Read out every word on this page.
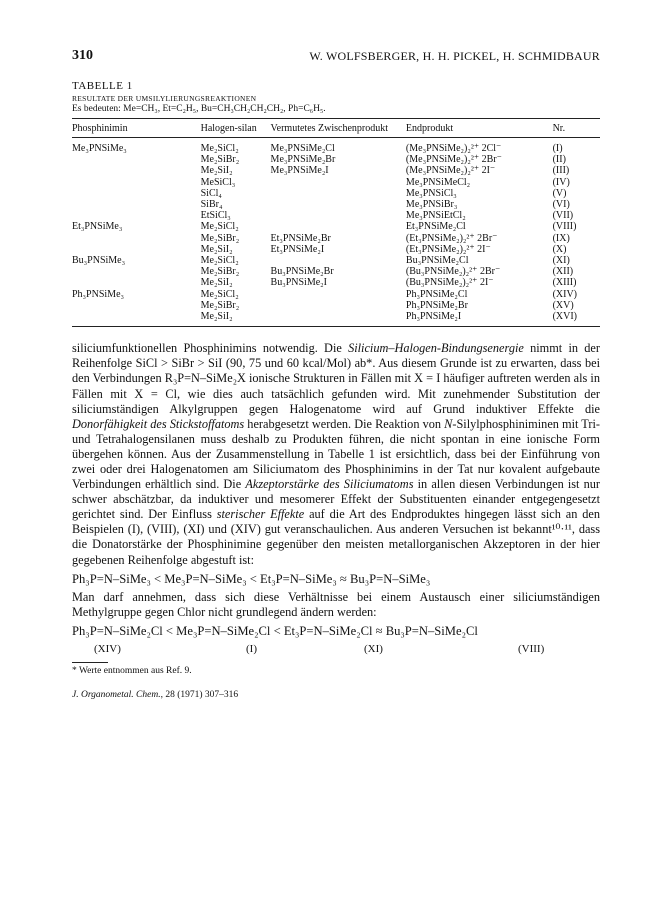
310	W. WOLFSBERGER, H. H. PICKEL, H. SCHMIDBAUR
TABELLE 1
RESULTATE DER UMSILYLIERUNGSREAKTIONEN
Es bedeuten: Me=CH₃, Et=C₂H₅, Bu=CH₃CH₂CH₂CH₂, Ph=C₆H₅.
Phosphinimin	Halogen-silan	Vermutetes Zwischenprodukt	Endprodukt	Nr.
Me₃PNSiMe₃	Me₂SiCl₂	Me₃PNSiMe₂Cl	(Me₃PNSiMe₂)₂²⁺ 2Cl⁻	(I)
	Me₂SiBr₂	Me₃PNSiMe₂Br	(Me₃PNSiMe₂)₂²⁺ 2Br⁻	(II)
	Me₂SiI₂	Me₃PNSiMe₂I	(Me₃PNSiMe₂)₂²⁺ 2I⁻	(III)
	MeSiCl₃		Me₃PNSiMeCl₂	(IV)
	SiCl₄		Me₃PNSiCl₃	(V)
	SiBr₄		Me₃PNSiBr₃	(VI)
	EtSiCl₃		Me₃PNSiEtCl₂	(VII)
Et₃PNSiMe₃	Me₂SiCl₂		Et₃PNSiMe₂Cl	(VIII)
	Me₂SiBr₂	Et₃PNSiMe₂Br	(Et₃PNSiMe₂)₂²⁺ 2Br⁻	(IX)
	Me₂SiI₂	Et₃PNSiMe₂I	(Et₃PNSiMe₂)₂²⁺ 2I⁻	(X)
Bu₃PNSiMe₃	Me₂SiCl₂		Bu₃PNSiMe₂Cl	(XI)
	Me₂SiBr₂	Bu₃PNSiMe₂Br	(Bu₃PNSiMe₂)₂²⁺ 2Br⁻	(XII)
	Me₂SiI₂	Bu₃PNSiMe₂I	(Bu₃PNSiMe₂)₂²⁺ 2I⁻	(XIII)
Ph₃PNSiMe₃	Me₂SiCl₂		Ph₃PNSiMe₂Cl	(XIV)
	Me₂SiBr₂		Ph₃PNSiMe₂Br	(XV)
	Me₂SiI₂		Ph₃PNSiMe₂I	(XVI)

siliciumfunktionellen Phosphinimins notwendig. Die Silicium–Halogen-Bindungsenergie nimmt in der Reihenfolge SiCl > SiBr > SiI (90, 75 und 60 kcal/Mol) ab*. Aus diesem Grunde ist zu erwarten, dass bei den Verbindungen R₃P=N–SiMe₂X ionische Strukturen in Fällen mit X = I häufiger auftreten werden als in Fällen mit X = Cl, wie dies auch tatsächlich gefunden wird. Mit zunehmender Substitution der siliciumständigen Alkylgruppen gegen Halogenatome wird auf Grund induktiver Effekte die Donorfähigkeit des Stickstoffatoms herabgesetzt werden. Die Reaktion von N-Silylphosphiniminen mit Tri- und Tetrahalogensilanen muss deshalb zu Produkten führen, die nicht spontan in eine ionische Form übergehen können. Aus der Zusammenstellung in Tabelle 1 ist ersichtlich, dass bei der Einführung von zwei oder drei Halogenatomen am Siliciumatom des Phosphinimins in der Tat nur kovalent aufgebaute Verbindungen erhältlich sind. Die Akzeptorstärke des Siliciumatoms in allen diesen Verbindungen ist nur schwer abschätzbar, da induktiver und mesomerer Effekt der Substituenten einander entgegengesetzt gerichtet sind. Der Einfluss sterischer Effekte auf die Art des Endproduktes hingegen lässt sich an den Beispielen (I), (VIII), (XI) und (XIV) gut veranschaulichen. Aus anderen Versuchen ist bekannt¹⁰·¹¹, dass die Donatorstärke der Phosphinimine gegenüber den meisten metallorganischen Akzeptoren in der hier gegebenen Reihenfolge abgestuft ist:

Ph₃P=N–SiMe₃ < Me₃P=N–SiMe₃ < Et₃P=N–SiMe₃ ≈ Bu₃P=N–SiMe₃

Man darf annehmen, dass sich diese Verhältnisse bei einem Austausch einer siliciumständigen Methylgruppe gegen Chlor nicht grundlegend ändern werden:

Ph₃P=N–SiMe₂Cl < Me₃P=N–SiMe₂Cl < Et₃P=N–SiMe₂Cl ≈ Bu₃P=N–SiMe₂Cl
(XIV)	(I)	(XI)	(VIII)
* Werte entnommen aus Ref. 9.
J. Organometal. Chem., 28 (1971) 307–316
